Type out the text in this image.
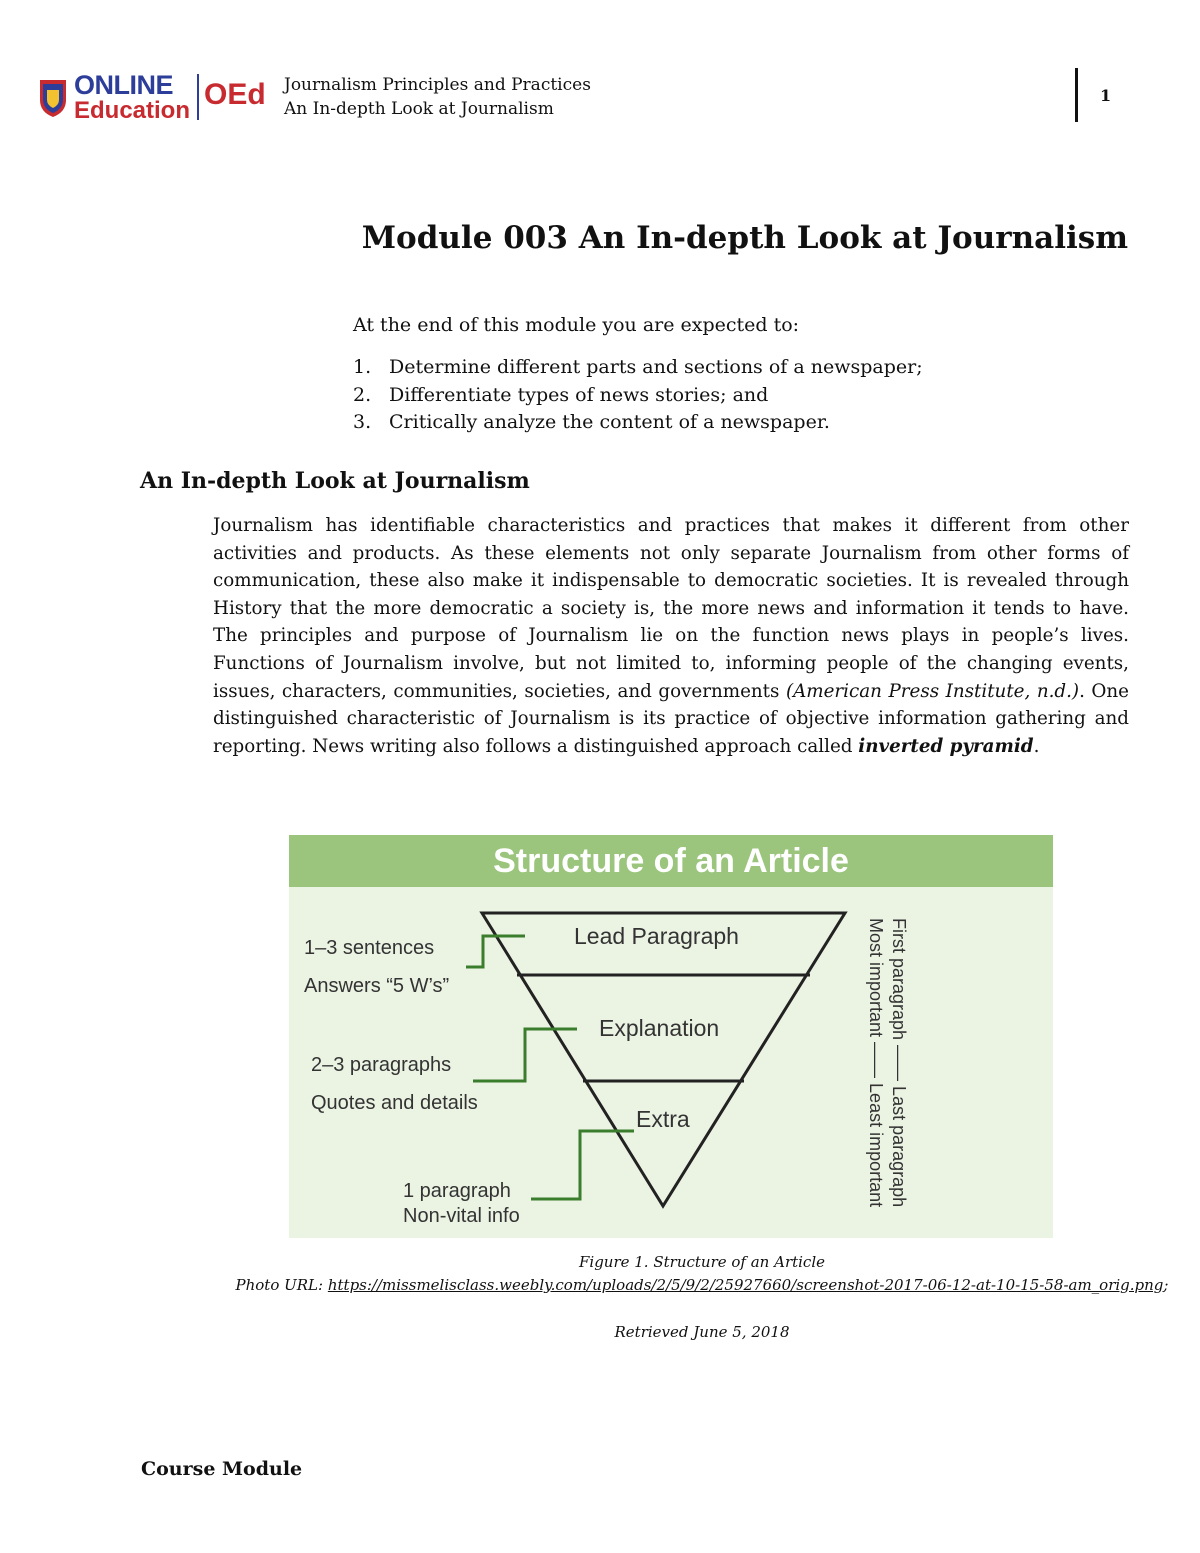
ONLINE
Education OEd Journalism Principles and Practices
An In-depth Look at Journalism
1
Module 003 An In-depth Look at Journalism
At the end of this module you are expected to:
1. Determine different parts and sections of a newspaper;
2. Differentiate types of news stories; and
3. Critically analyze the content of a newspaper.
An In-depth Look at Journalism

Journalism has identifiable characteristics and practices that makes it different from other activities and products. As these elements not only separate Journalism from other forms of communication, these also make it indispensable to democratic societies. It is revealed through History that the more democratic a society is, the more news and information it tends to have. The principles and purpose of Journalism lie on the function news plays in people’s lives. Functions of Journalism involve, but not limited to, informing people of the changing events, issues, characters, communities, societies, and governments (American Press Institute, n.d.). One distinguished characteristic of Journalism is its practice of objective information gathering and reporting. News writing also follows a distinguished approach called inverted pyramid.

Structure of an Article
Lead Paragraph
Explanation
Extra
1–3 sentences
Answers “5 W’s”
2–3 paragraphs
Quotes and details
1 paragraph
Non-vital info
First paragraph —— Last paragraph
Most important —— Least important
Figure 1. Structure of an Article
Photo URL: https://missmelisclass.weebly.com/uploads/2/5/9/2/25927660/screenshot-2017-06-12-at-10-15-58-am_orig.png;
Retrieved June 5, 2018
Course Module
